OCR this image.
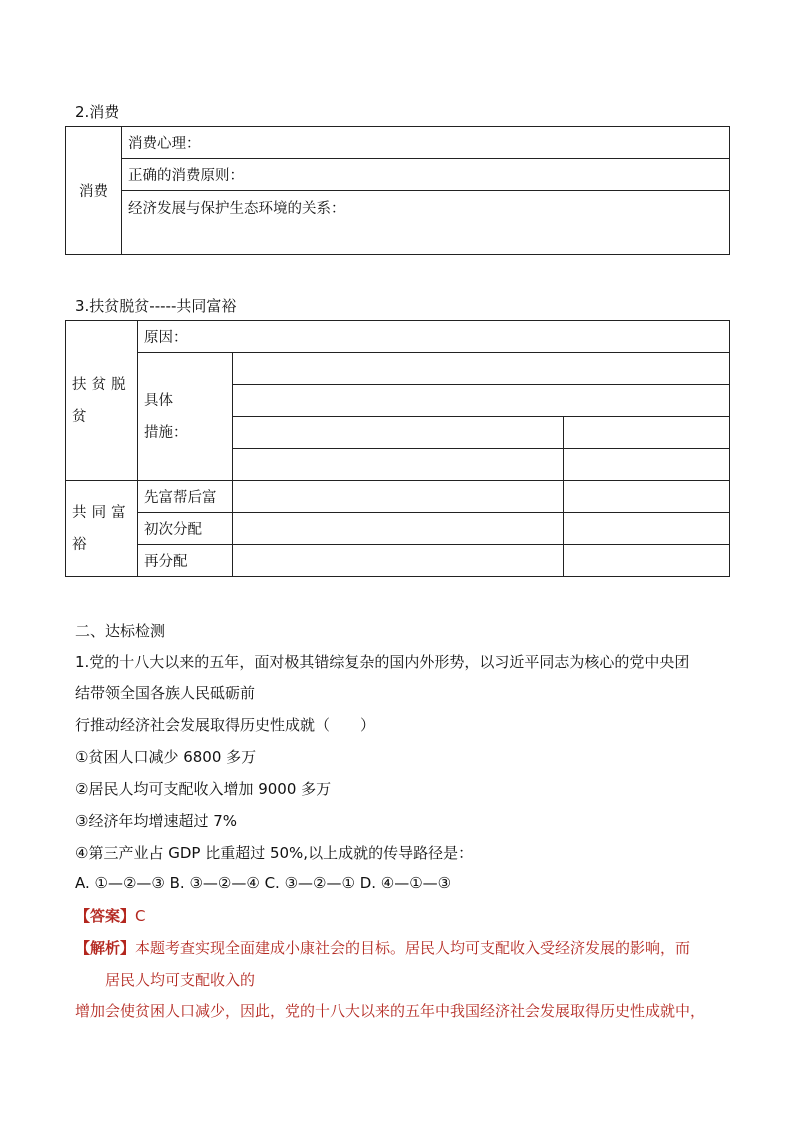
2.消费
消费	消费心理：
正确的消费原则：
经济发展与保护生态环境的关系：
3.扶贫脱贫-----共同富裕
扶贫脱贫	原因：		

	具体
措施：		

共同富裕	先富帮后富		
	初次分配		
	再分配		
二、达标检测
1.党的十八大以来的五年，面对极其错综复杂的国内外形势，以习近平同志为核心的党中央团
结带领全国各族人民砥砺前
行推动经济社会发展取得历史性成就（　　）
①贫困人口减少 6800 多万
②居民人均可支配收入增加 9000 多万
③经济年均增速超过 7%
④第三产业占 GDP 比重超过 50%,以上成就的传导路径是：
A. ①—②—③ B. ③—②—④ C. ③—②—① D. ④—①—③
【答案】C
【解析】本题考查实现全面建成小康社会的目标。居民人均可支配收入受经济发展的影响，而
居民人均可支配收入的
增加会使贫困人口减少，因此，党的十八大以来的五年中我国经济社会发展取得历史性成就中，
